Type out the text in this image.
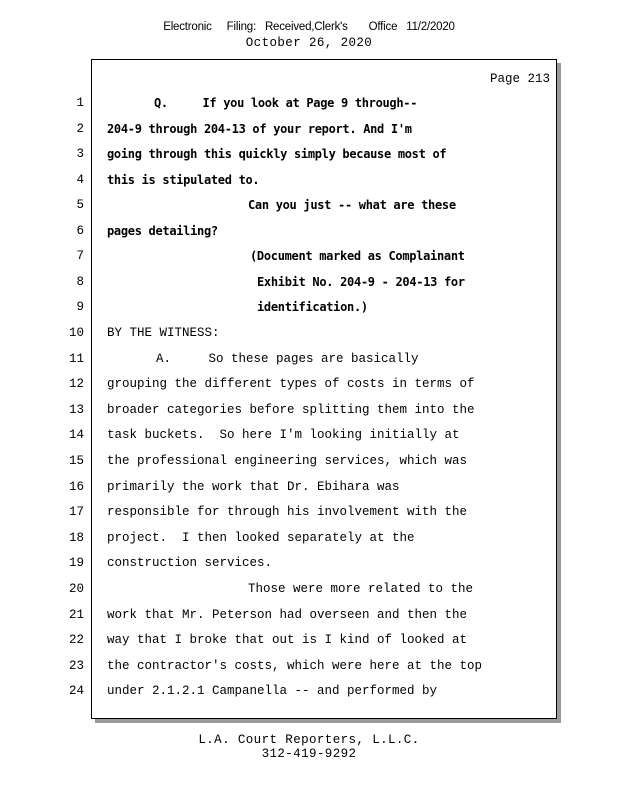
Electronic     Filing:   Received,Clerk's       Office   11/2/2020
October 26, 2020
Page 213
1
2
3
4
5
6
7
8
9
10
11
12
13
14
15
16
17
18
19
20
21
22
23
24
Q.     If you look at Page 9 through--
204-9 through 204-13 of your report. And I'm
going through this quickly simply because most of
this is stipulated to.
Can you just -- what are these
pages detailing?
(Document marked as Complainant
Exhibit No. 204-9 - 204-13 for
identification.)
BY THE WITNESS:
A.     So these pages are basically
grouping the different types of costs in terms of
broader categories before splitting them into the
task buckets.  So here I'm looking initially at
the professional engineering services, which was
primarily the work that Dr. Ebihara was
responsible for through his involvement with the
project.  I then looked separately at the
construction services.
Those were more related to the
work that Mr. Peterson had overseen and then the
way that I broke that out is I kind of looked at
the contractor's costs, which were here at the top
under 2.1.2.1 Campanella -- and performed by
L.A. Court Reporters, L.L.C.
312-419-9292
